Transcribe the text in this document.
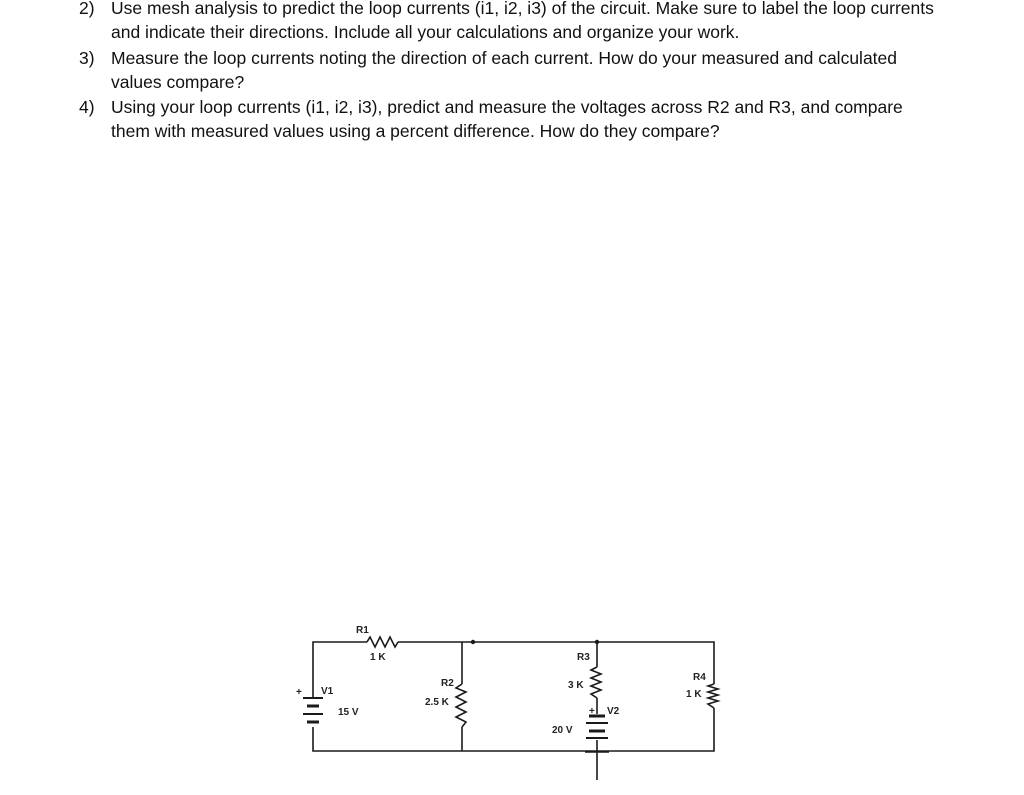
2) Use mesh analysis to predict the loop currents (i1, i2, i3) of the circuit. Make sure to label the loop currents and indicate their directions. Include all your calculations and organize your work.
3) Measure the loop currents noting the direction of each current. How do your measured and calculated values compare?
4) Using your loop currents (i1, i2, i3), predict and measure the voltages across R2 and R3, and compare them with measured values using a percent difference. How do they compare?
+ V1
15 V
R1
1 K
R2
2.5 K
R3
3 K
+ V2
20 V
R4
1 K
